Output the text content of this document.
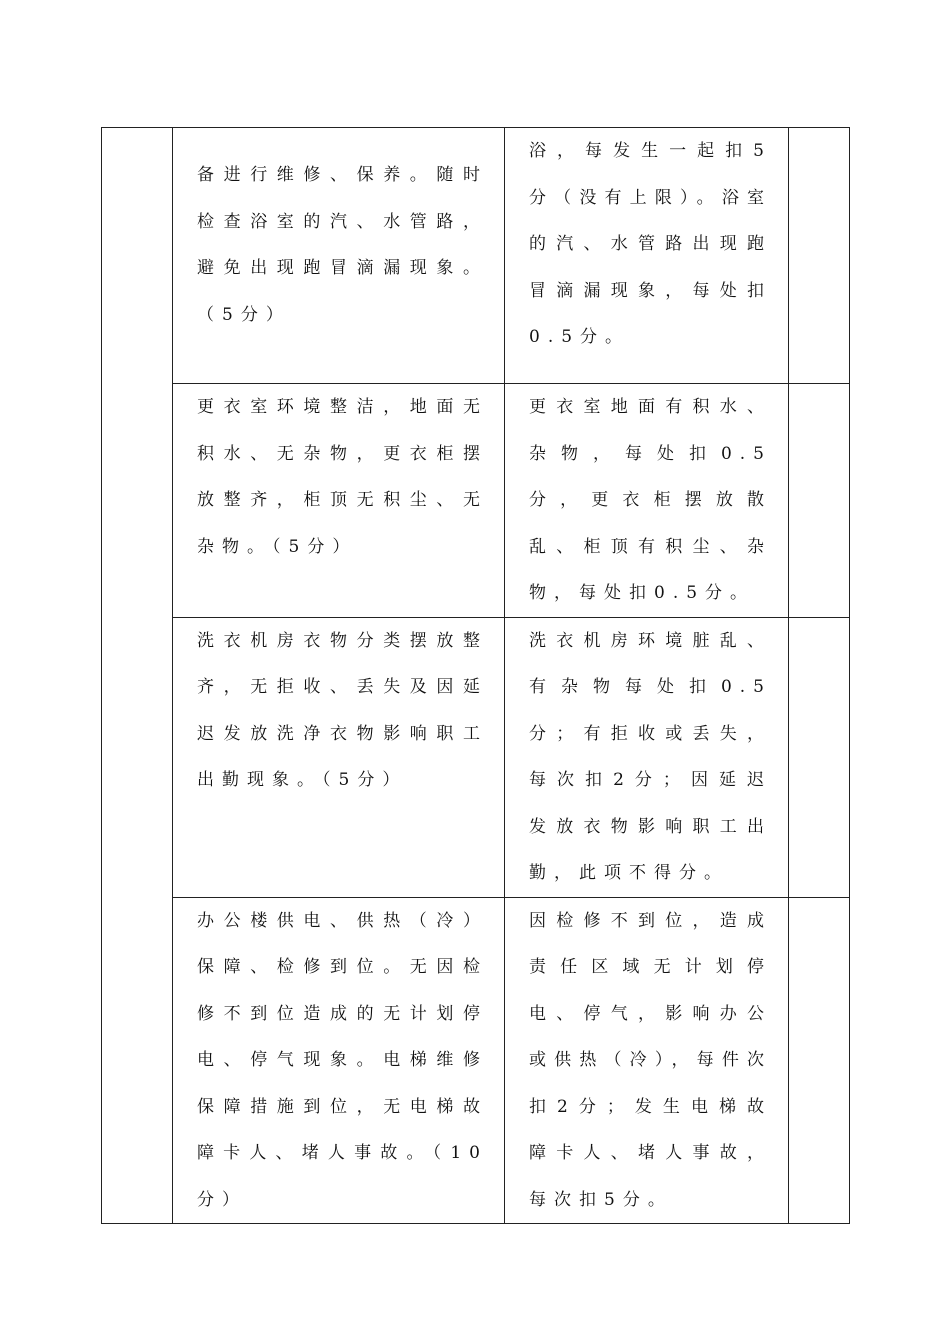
	备进行维修、保养。随时检查浴室的汽、水管路，避免出现跑冒滴漏现象。（5分）	浴，每发生一起扣5分（没有上限）。浴室的汽、水管路出现跑冒滴漏现象，每处扣0.5分。	

	更衣室环境整洁，地面无积水、无杂物，更衣柜摆放整齐，柜顶无积尘、无杂物。（5分）	更衣室地面有积水、杂物，每处扣0.5分，更衣柜摆放散乱、柜顶有积尘、杂物，每处扣0.5分。	

	洗衣机房衣物分类摆放整齐，无拒收、丢失及因延迟发放洗净衣物影响职工出勤现象。（5分）	洗衣机房环境脏乱、有杂物每处扣0.5分；有拒收或丢失，每次扣2分；因延迟发放衣物影响职工出勤，此项不得分。	

	办公楼供电、供热（冷）保障、检修到位。无因检修不到位造成的无计划停电、停气现象。电梯维修保障措施到位，无电梯故障卡人、堵人事故。（10分）	因检修不到位，造成责任区域无计划停电、停气，影响办公或供热（冷），每件次扣2分；发生电梯故障卡人、堵人事故，每次扣5分。	
